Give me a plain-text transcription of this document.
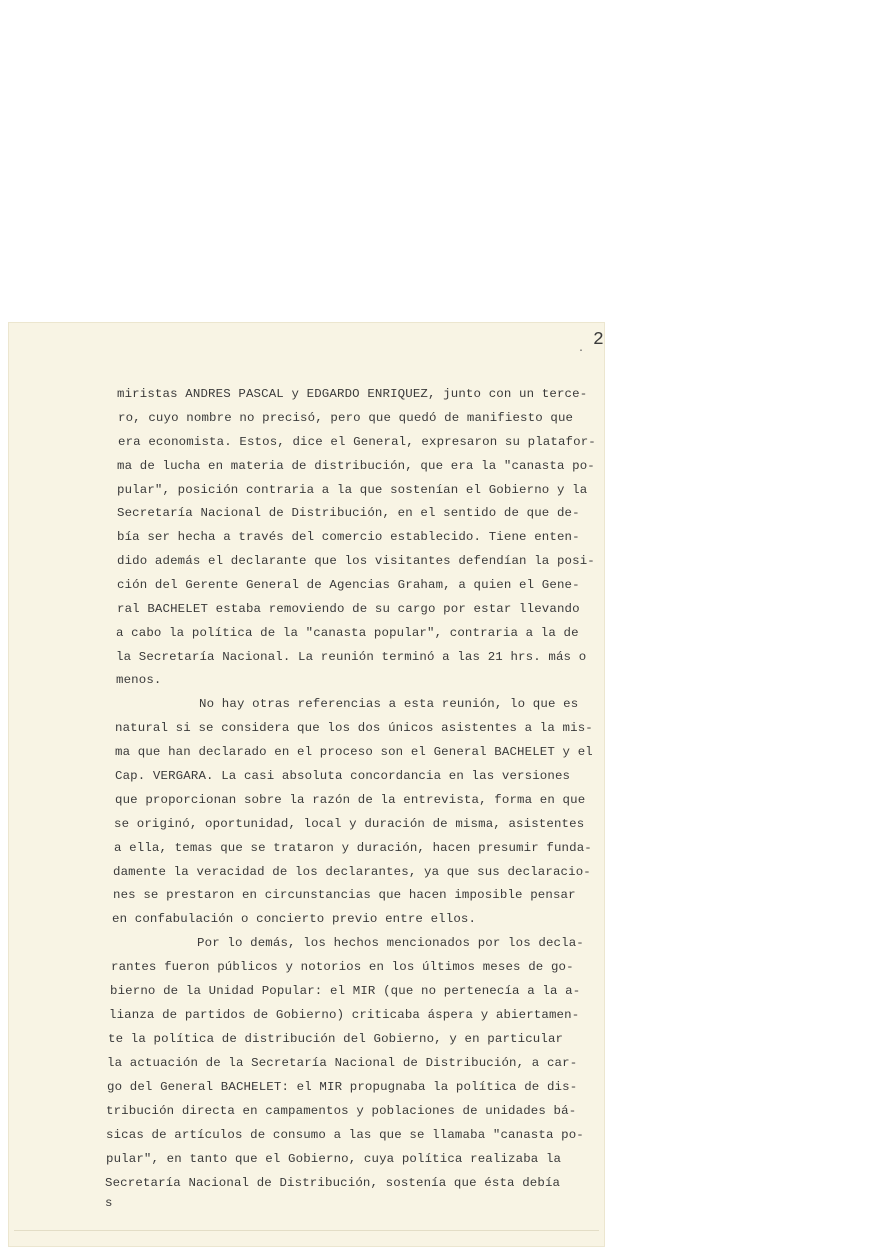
2
.
miristas ANDRES PASCAL y EDGARDO ENRIQUEZ, junto con un terce-
ro, cuyo nombre no precisó, pero que quedó de manifiesto que
era economista. Estos, dice el General, expresaron su platafor-
ma de lucha en materia de distribución, que era la "canasta po-
pular", posición contraria a la que sostenían el Gobierno y la
Secretaría Nacional de Distribución, en el sentido de que de-
bía ser hecha a través del comercio establecido. Tiene enten-
dido además el declarante que los visitantes defendían la posi-
ción del Gerente General de Agencias Graham, a quien el Gene-
ral BACHELET estaba removiendo de su cargo por estar llevando
a cabo la política de la "canasta popular", contraria a la de
la Secretaría Nacional. La reunión terminó a las 21 hrs. más o
menos.
No hay otras referencias a esta reunión, lo que es
natural si se considera que los dos únicos asistentes a la mis-
ma que han declarado en el proceso son el General BACHELET y el
Cap. VERGARA. La casi absoluta concordancia en las versiones
que proporcionan sobre la razón de la entrevista, forma en que
se originó, oportunidad, local y duración de misma, asistentes
a ella, temas que se trataron y duración, hacen presumir funda-
damente la veracidad de los declarantes, ya que sus declaracio-
nes se prestaron en circunstancias que hacen imposible pensar
en confabulación o concierto previo entre ellos.
Por lo demás, los hechos mencionados por los decla-
rantes fueron públicos y notorios en los últimos meses de go-
bierno de la Unidad Popular: el MIR (que no pertenecía a la a-
lianza de partidos de Gobierno) criticaba áspera y abiertamen-
te la política de distribución del Gobierno, y en particular
la actuación de la Secretaría Nacional de Distribución, a car-
go del General BACHELET: el MIR propugnaba la política de dis-
tribución directa en campamentos y poblaciones de unidades bá-
sicas de artículos de consumo a las que se llamaba "canasta po-
pular", en tanto que el Gobierno, cuya política realizaba la
Secretaría Nacional de Distribución, sostenía que ésta debía
s
